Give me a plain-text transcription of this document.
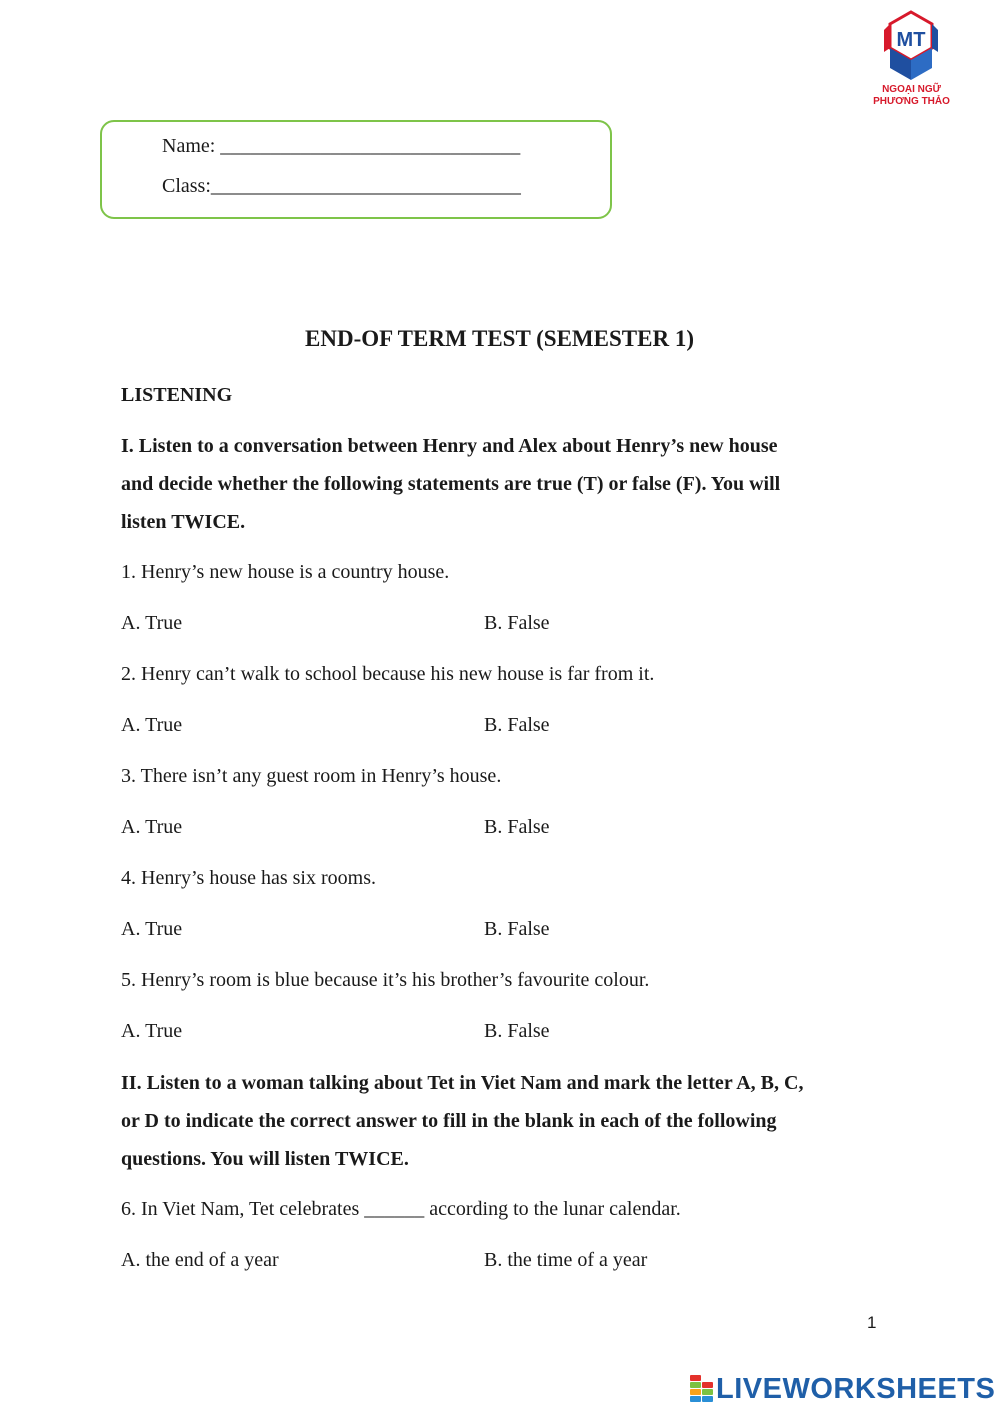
MT
NGOẠI NGỮ
PHƯƠNG THẢO
Name: ______________________________
Class:_______________________________
END-OF TERM TEST (SEMESTER 1)
LISTENING
I. Listen to a conversation between Henry and Alex about Henry’s new house
and decide whether the following statements are true (T) or false (F). You will
listen TWICE.
1. Henry’s new house is a country house.
A. True	B. False
2. Henry can’t walk to school because his new house is far from it.
A. True	B. False
3. There isn’t any guest room in Henry’s house.
A. True	B. False
4. Henry’s house has six rooms.
A. True	B. False
5. Henry’s room is blue because it’s his brother’s favourite colour.
A. True	B. False
II. Listen to a woman talking about Tet in Viet Nam and mark the letter A, B, C,
or D to indicate the correct answer to fill in the blank in each of the following
questions. You will listen TWICE.
6. In Viet Nam, Tet celebrates ______ according to the lunar calendar.
A. the end of a year	B. the time of a year
1
LIVEWORKSHEETS
